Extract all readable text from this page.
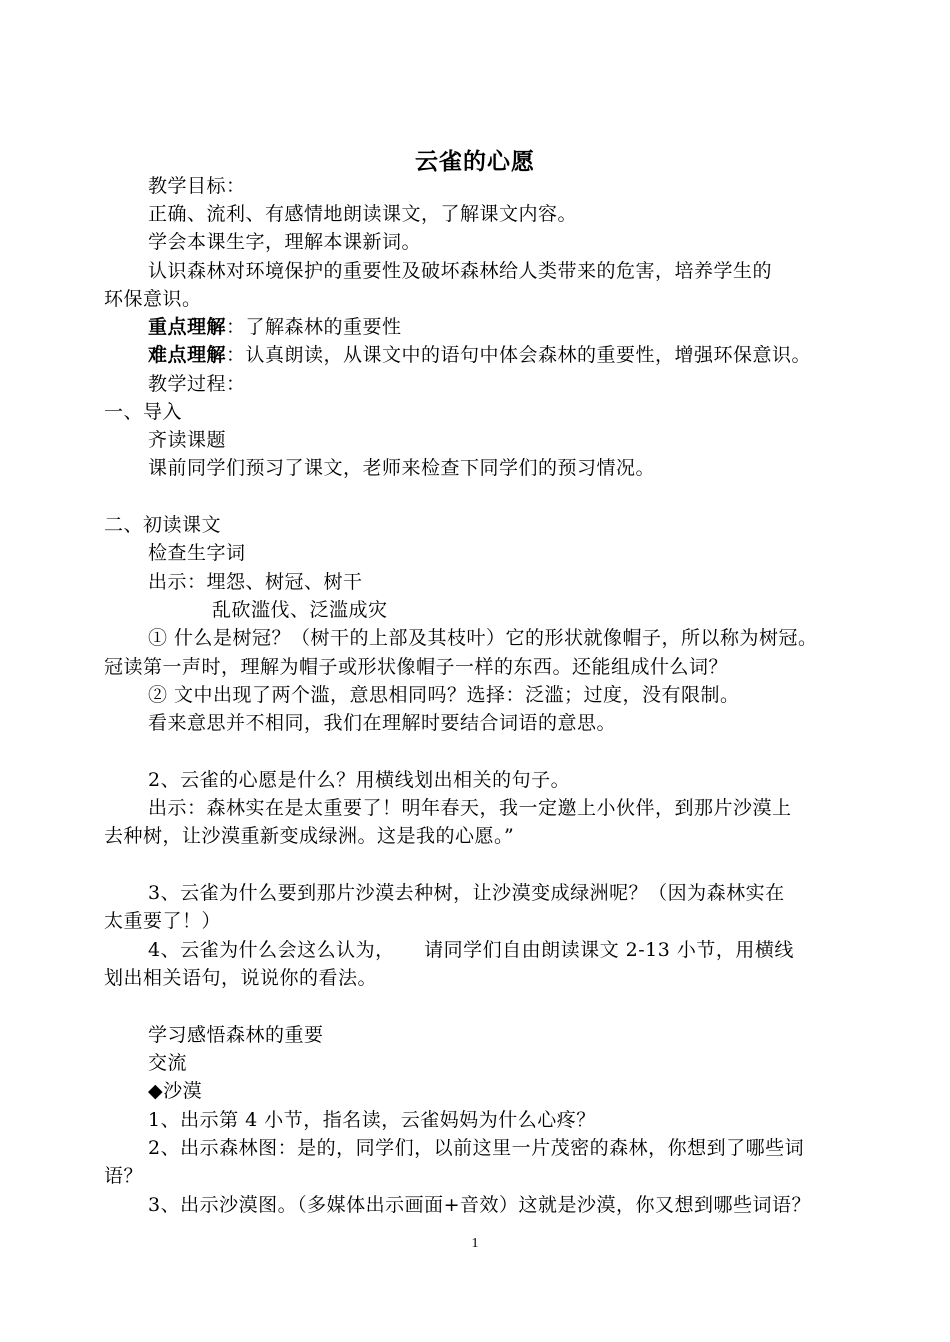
云雀的心愿
教学目标：
正确、流利、有感情地朗读课文，了解课文内容。
学会本课生字，理解本课新词。
认识森林对环境保护的重要性及破坏森林给人类带来的危害，培养学生的
环保意识。
重点理解：了解森林的重要性
难点理解：认真朗读，从课文中的语句中体会森林的重要性，增强环保意识。
教学过程：
一、导入
齐读课题
课前同学们预习了课文，老师来检查下同学们的预习情况。
二、初读课文
检查生字词
出示：埋怨、树冠、树干
乱砍滥伐、泛滥成灾
① 什么是树冠？（树干的上部及其枝叶）它的形状就像帽子，所以称为树冠。
冠读第一声时，理解为帽子或形状像帽子一样的东西。还能组成什么词？
② 文中出现了两个滥，意思相同吗？选择：泛滥；过度，没有限制。
看来意思并不相同，我们在理解时要结合词语的意思。
2、云雀的心愿是什么？用横线划出相关的句子。
出示：森林实在是太重要了！明年春天，我一定邀上小伙伴，到那片沙漠上
去种树，让沙漠重新变成绿洲。这是我的心愿。”
3、云雀为什么要到那片沙漠去种树，让沙漠变成绿洲呢？（因为森林实在
太重要了！）
4、云雀为什么会这么认为，　　请同学们自由朗读课文 2-13 小节，用横线
划出相关语句，说说你的看法。
学习感悟森林的重要
交流
◆沙漠
1、出示第 4 小节，指名读，云雀妈妈为什么心疼？
2、出示森林图：是的，同学们，以前这里一片茂密的森林，你想到了哪些词
语？
3、出示沙漠图。（多媒体出示画面+音效）这就是沙漠，你又想到哪些词语？
1
